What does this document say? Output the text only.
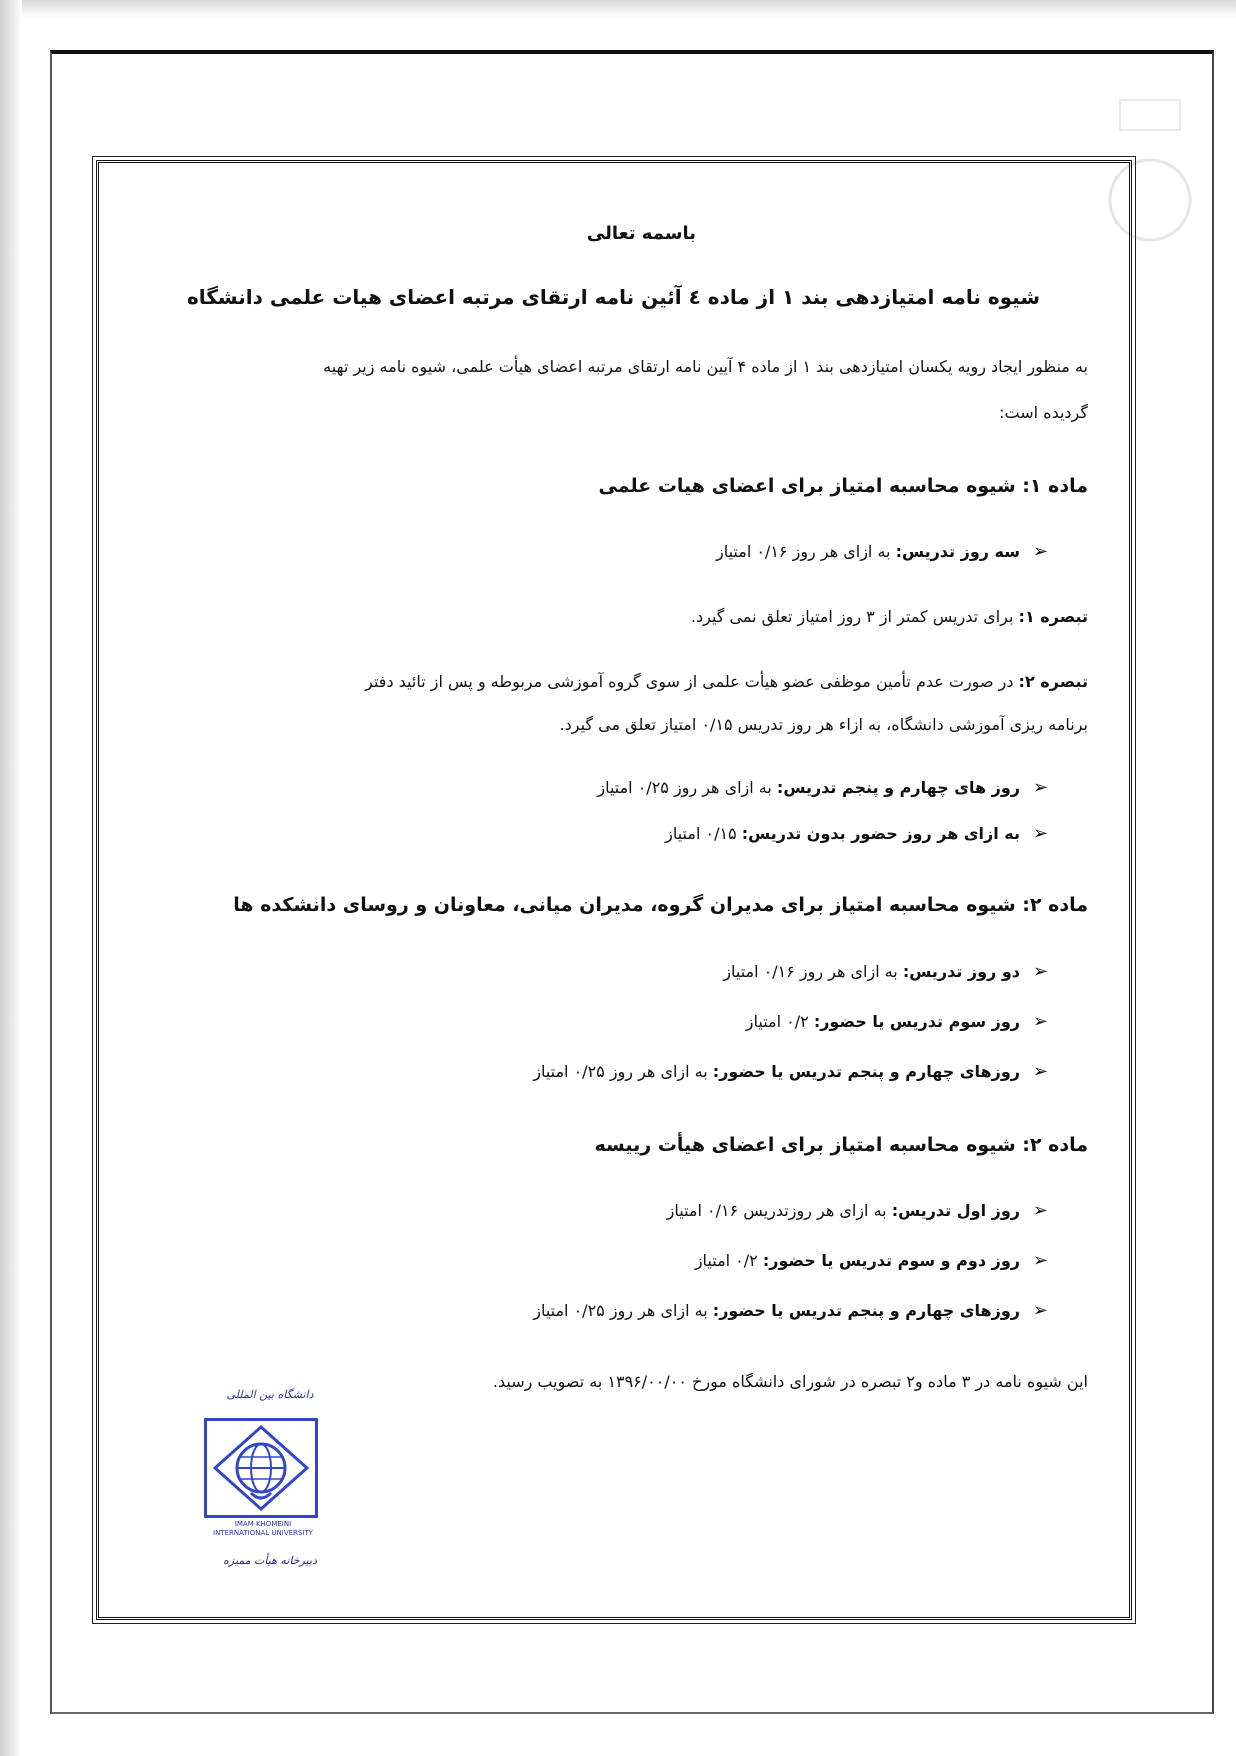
باسمه تعالی
شیوه نامه امتیازدهی بند ۱ از ماده ٤ آئین نامه ارتقای مرتبه اعضای هیات علمی دانشگاه
به منظور ایجاد رویه یکسان امتیازدهی بند ۱ از ماده ۴ آیین نامه ارتقای مرتبه اعضای هیأت علمی، شیوه نامه زیر تهیه
گردیده است:
ماده ۱: شیوه محاسبه امتیاز برای اعضای هیات علمی
➢سه روز تدریس: به ازای هر روز ۰/۱۶ امتیاز
تبصره ۱: برای تدریس کمتر از ۳ روز امتیاز تعلق نمی گیرد.
تبصره ۲: در صورت عدم تأمین موظفی عضو هیأت علمی از سوی گروه آموزشی مربوطه و پس از تائید دفتر
برنامه ریزی آموزشی دانشگاه، به ازاء هر روز تدریس ۰/۱۵ امتیاز تعلق می گیرد.
➢روز های چهارم و پنجم تدریس: به ازای هر روز ۰/۲۵ امتیاز
➢به ازای هر روز حضور بدون تدریس: ۰/۱۵ امتیاز
ماده ۲: شیوه محاسبه امتیاز برای مدیران گروه، مدیران میانی، معاونان و روسای دانشکده ها
➢دو روز تدریس: به ازای هر روز ۰/۱۶ امتیاز
➢روز سوم تدریس یا حضور: ۰/۲ امتیاز
➢روزهای چهارم و پنجم تدریس یا حضور: به ازای هر روز ۰/۲۵ امتیاز
ماده ۲: شیوه محاسبه امتیاز برای اعضای هیأت رییسه
➢روز اول تدریس: به ازای هر روزتدریس ۰/۱۶ امتیاز
➢روز دوم و سوم تدریس یا حضور: ۰/۲ امتیاز
➢روزهای چهارم و پنجم تدریس یا حضور: به ازای هر روز ۰/۲۵ امتیاز
این شیوه نامه در ۳ ماده و۲ تبصره در شورای دانشگاه مورخ ۱۳۹۶/۰۰/۰۰ به تصویب رسید.
دانشگاه بین المللی
IMAM KHOMEINI
INTERNATIONAL UNIVERSITY
دبیرخانه هیأت ممیزه
